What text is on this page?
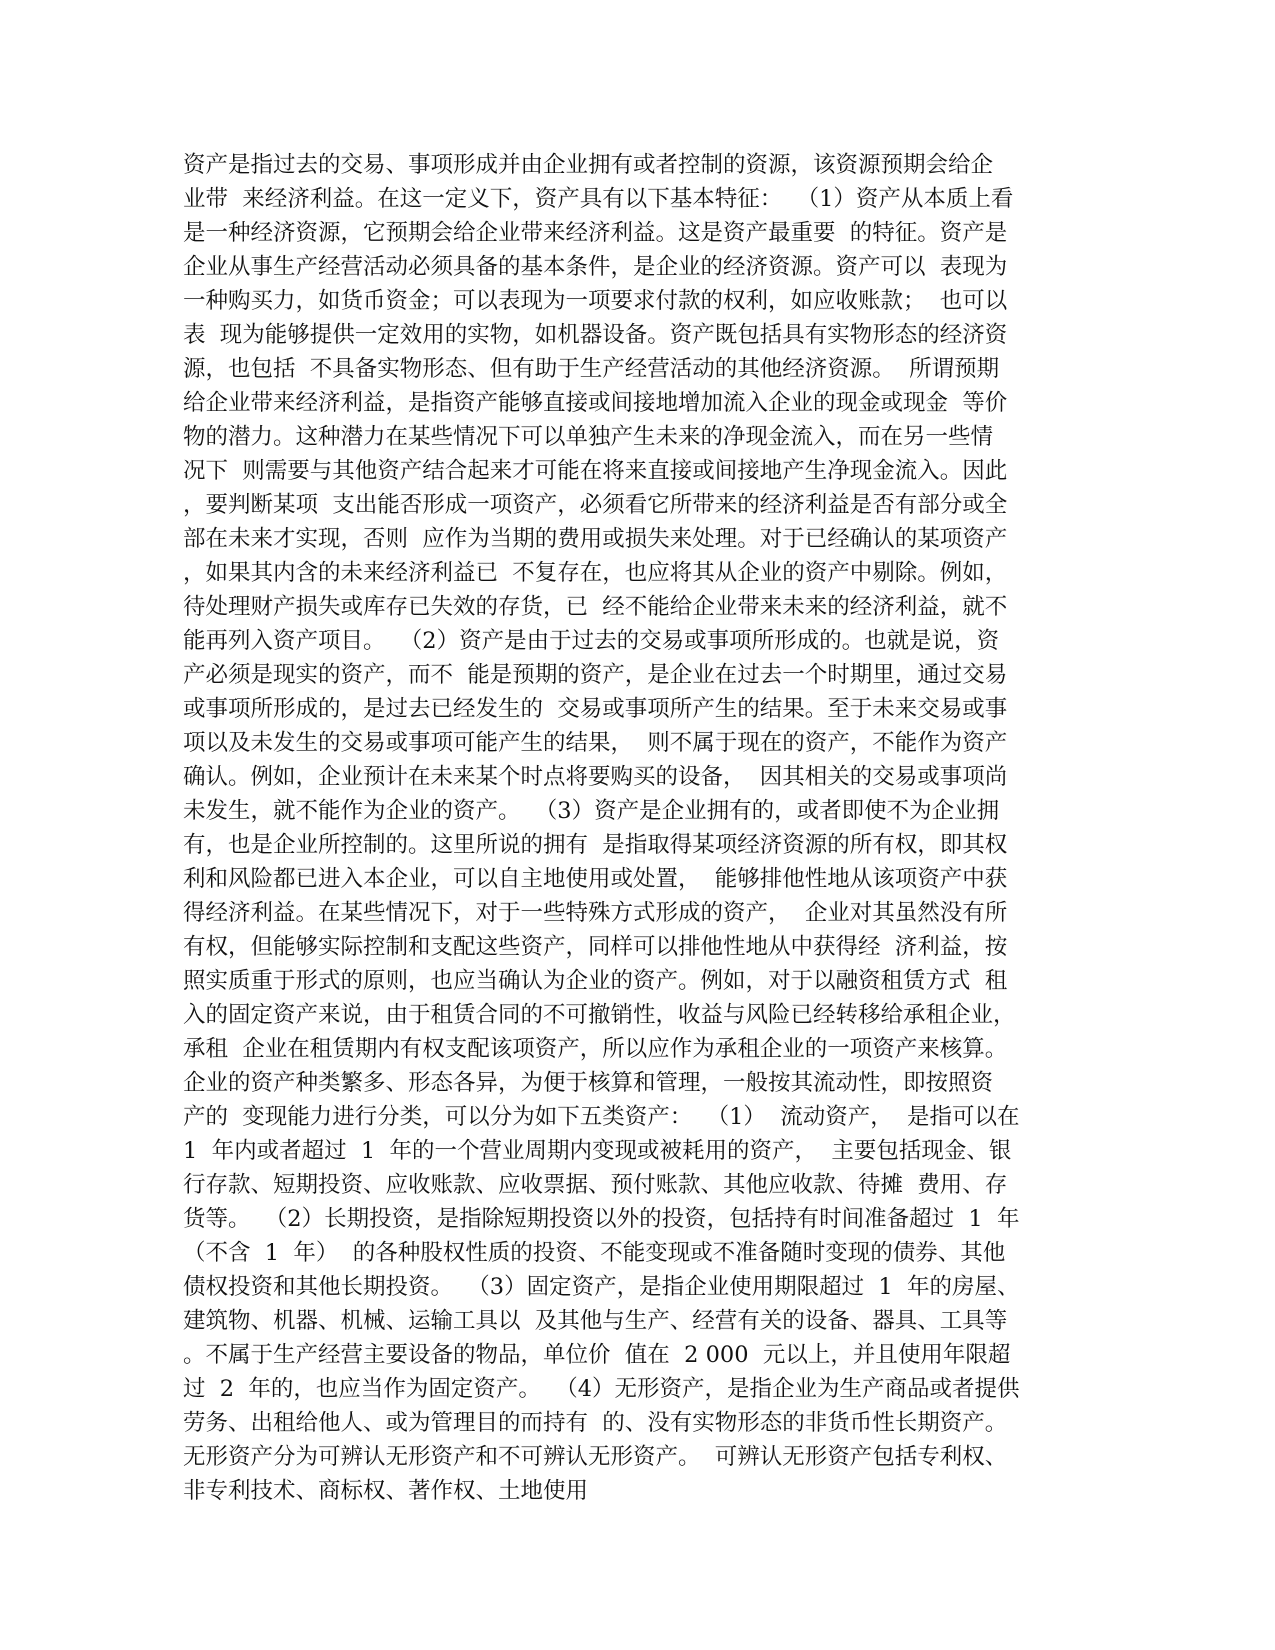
资产是指过去的交易、事项形成并由企业拥有或者控制的资源，该资源预期会给企
业带  来经济利益。在这一定义下，资产具有以下基本特征：  （1）资产从本质上看
是一种经济资源，它预期会给企业带来经济利益。这是资产最重要  的特征。资产是
企业从事生产经营活动必须具备的基本条件，是企业的经济资源。资产可以  表现为
一种购买力，如货币资金；可以表现为一项要求付款的权利，如应收账款；  也可以
表  现为能够提供一定效用的实物，如机器设备。资产既包括具有实物形态的经济资
源，也包括  不具备实物形态、但有助于生产经营活动的其他经济资源。  所谓预期
给企业带来经济利益，是指资产能够直接或间接地增加流入企业的现金或现金  等价
物的潜力。这种潜力在某些情况下可以单独产生未来的净现金流入，而在另一些情
况下  则需要与其他资产结合起来才可能在将来直接或间接地产生净现金流入。因此
，要判断某项  支出能否形成一项资产，必须看它所带来的经济利益是否有部分或全
部在未来才实现，否则  应作为当期的费用或损失来处理。对于已经确认的某项资产
，如果其内含的未来经济利益已  不复存在，也应将其从企业的资产中剔除。例如，
待处理财产损失或库存已失效的存货，已  经不能给企业带来未来的经济利益，就不
能再列入资产项目。  （2）资产是由于过去的交易或事项所形成的。也就是说，资
产必须是现实的资产，而不  能是预期的资产，是企业在过去一个时期里，通过交易
或事项所形成的，是过去已经发生的  交易或事项所产生的结果。至于未来交易或事
项以及未发生的交易或事项可能产生的结果，  则不属于现在的资产，不能作为资产
确认。例如，企业预计在未来某个时点将要购买的设备，  因其相关的交易或事项尚
未发生，就不能作为企业的资产。  （3）资产是企业拥有的，或者即使不为企业拥
有，也是企业所控制的。这里所说的拥有  是指取得某项经济资源的所有权，即其权
利和风险都已进入本企业，可以自主地使用或处置，  能够排他性地从该项资产中获
得经济利益。在某些情况下，对于一些特殊方式形成的资产，  企业对其虽然没有所
有权，但能够实际控制和支配这些资产，同样可以排他性地从中获得经  济利益，按
照实质重于形式的原则，也应当确认为企业的资产。例如，对于以融资租赁方式  租
入的固定资产来说，由于租赁合同的不可撤销性，收益与风险已经转移给承租企业，
承租  企业在租赁期内有权支配该项资产，所以应作为承租企业的一项资产来核算。
企业的资产种类繁多、形态各异，为便于核算和管理，一般按其流动性，即按照资
产的  变现能力进行分类，可以分为如下五类资产：  （1）  流动资产，  是指可以在
1  年内或者超过  1  年的一个营业周期内变现或被耗用的资产，  主要包括现金、银
行存款、短期投资、应收账款、应收票据、预付账款、其他应收款、待摊  费用、存
货等。  （2）长期投资，是指除短期投资以外的投资，包括持有时间准备超过  1  年
（不含  1  年）  的各种股权性质的投资、不能变现或不准备随时变现的债券、其他
债权投资和其他长期投资。  （3）固定资产，是指企业使用期限超过  1  年的房屋、
建筑物、机器、机械、运输工具以  及其他与生产、经营有关的设备、器具、工具等
。不属于生产经营主要设备的物品，单位价  值在  2 000  元以上，并且使用年限超
过  2  年的，也应当作为固定资产。  （4）无形资产，是指企业为生产商品或者提供
劳务、出租给他人、或为管理目的而持有  的、没有实物形态的非货币性长期资产。
无形资产分为可辨认无形资产和不可辨认无形资产。  可辨认无形资产包括专利权、
非专利技术、商标权、著作权、土地使用
